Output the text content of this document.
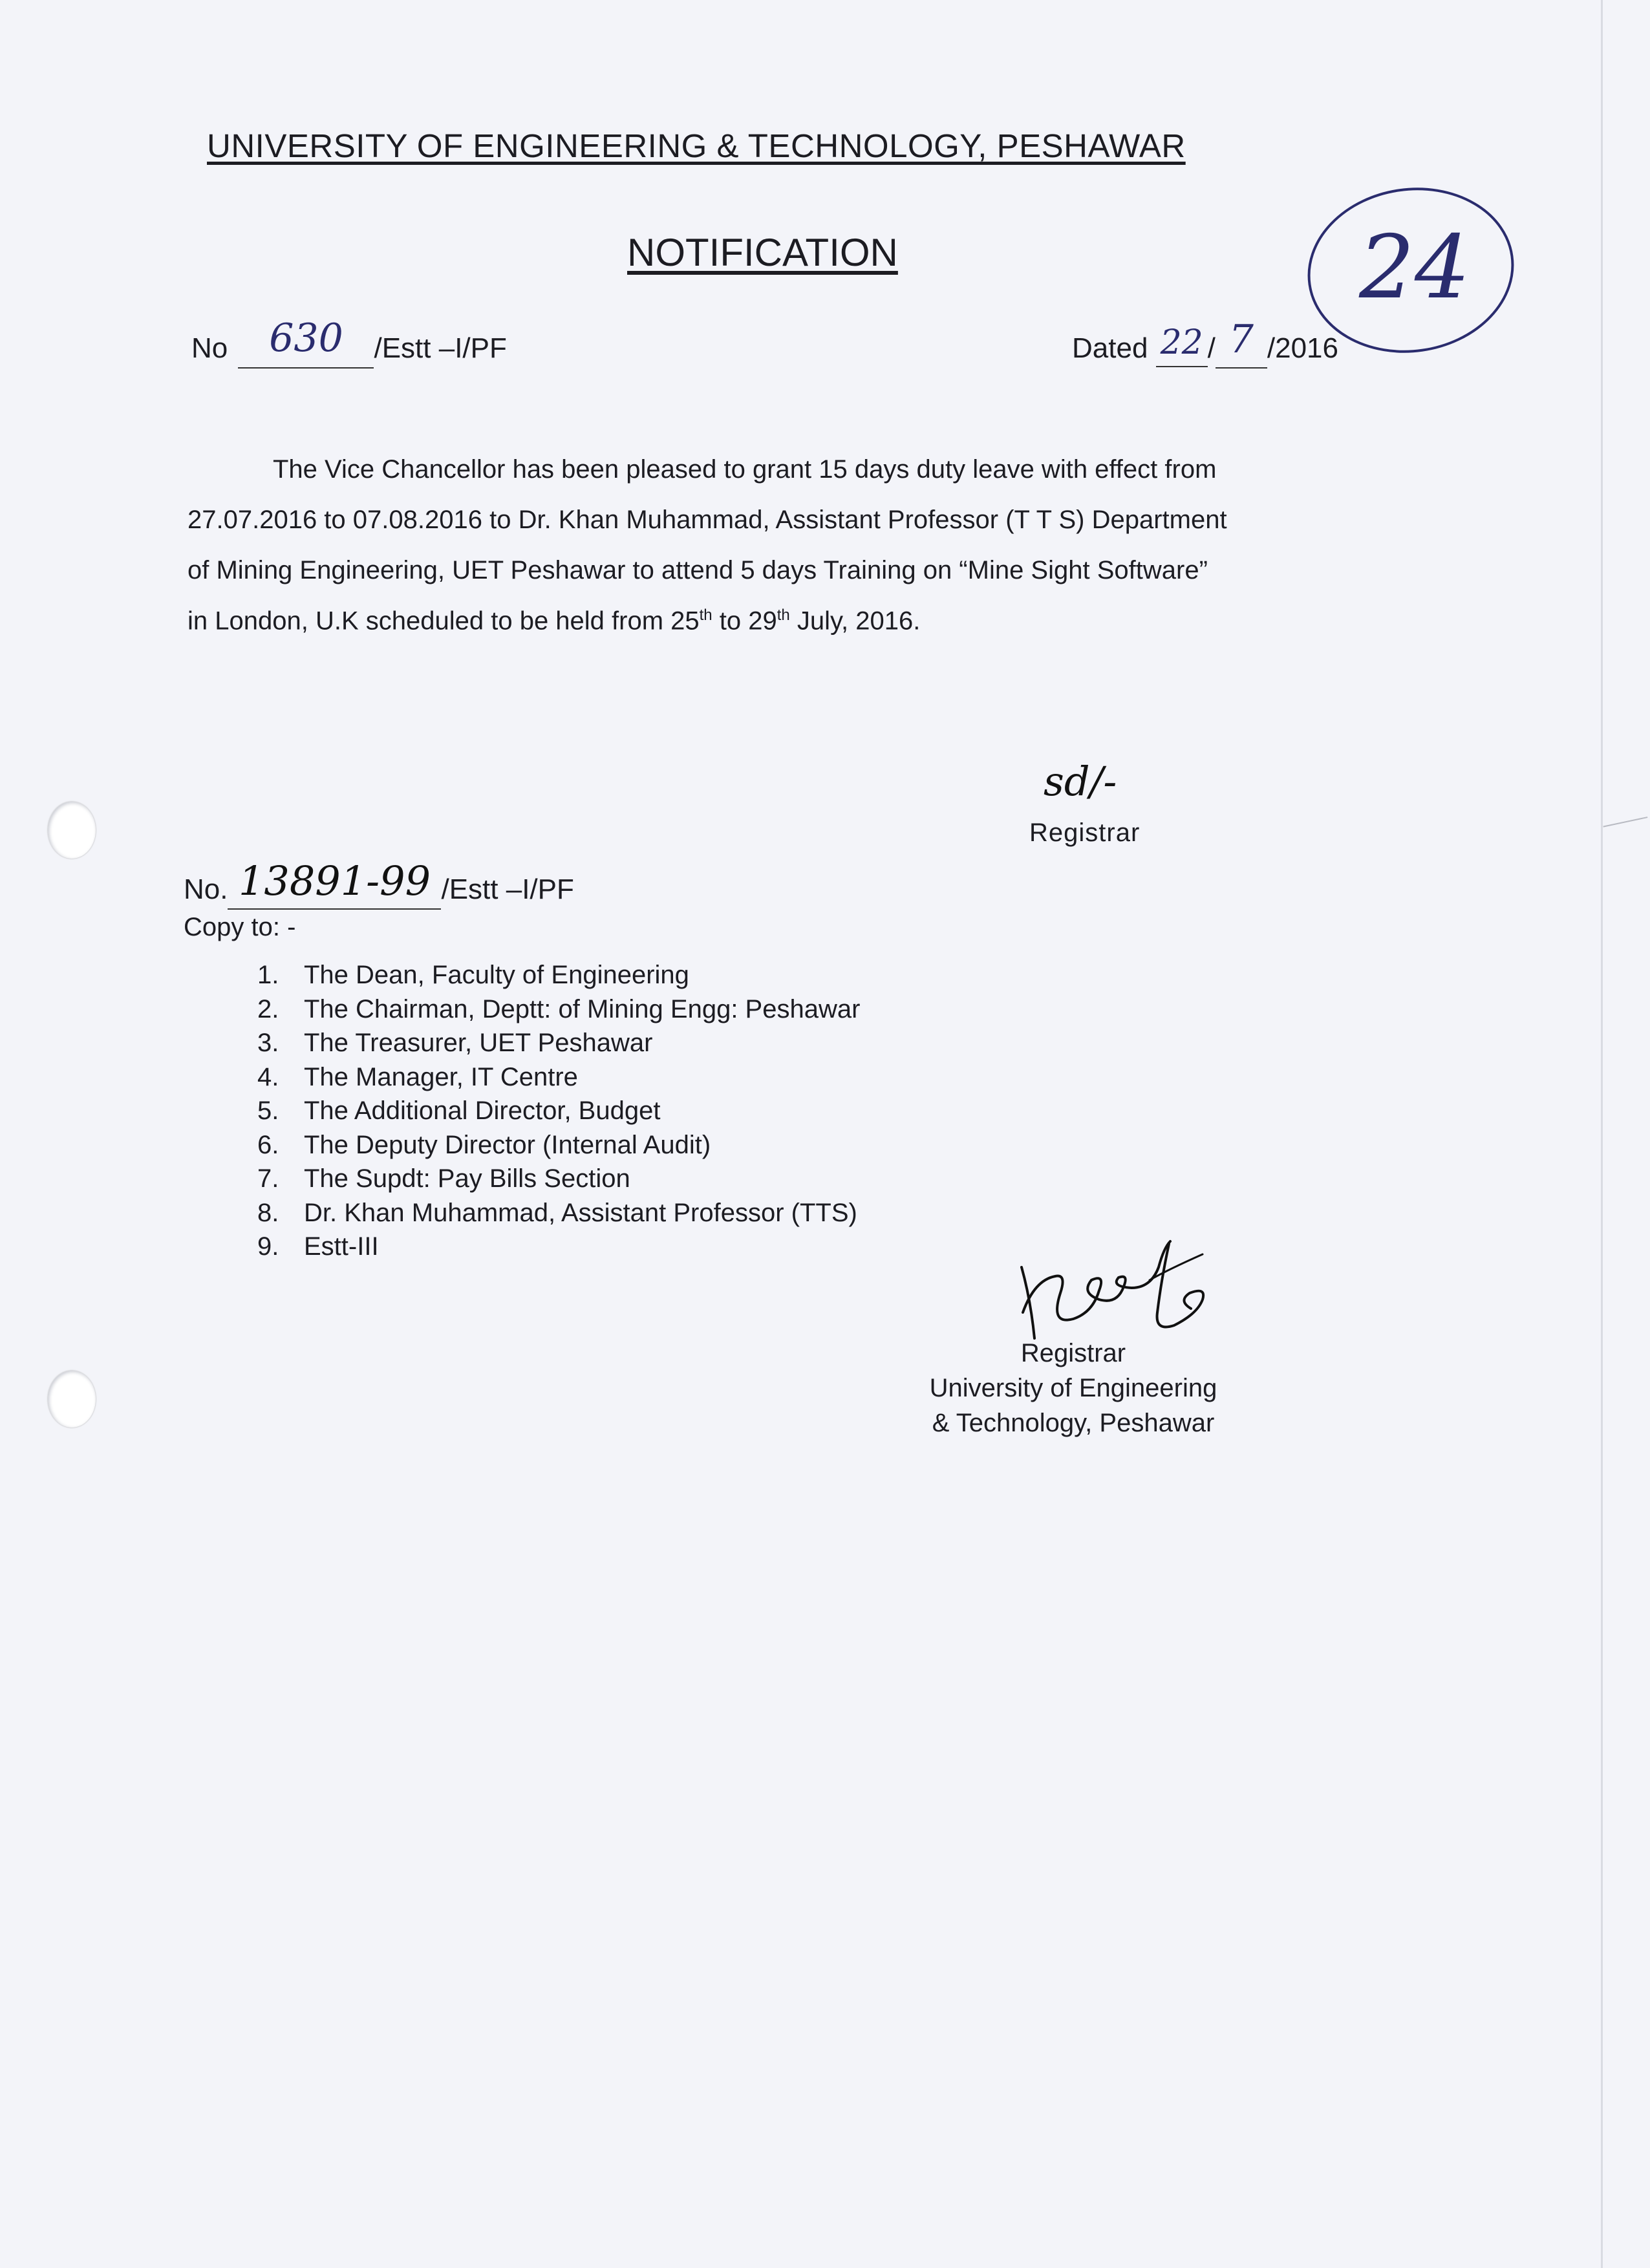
UNIVERSITY OF ENGINEERING & TECHNOLOGY, PESHAWAR
NOTIFICATION	24
No 630 /Estt –I/PF	Dated 22 / 7 /2016
The Vice Chancellor has been pleased to grant 15 days duty leave with effect from
27.07.2016 to 07.08.2016 to Dr. Khan Muhammad, Assistant Professor (T T S) Department
of Mining Engineering, UET Peshawar to attend 5 days Training on “Mine Sight Software”
in London, U.K scheduled to be held from 25th to 29th July, 2016.
sd/-
Registrar
No. 13891-99 /Estt –I/PF
Copy to: -
1. The Dean, Faculty of Engineering
2. The Chairman, Deptt: of Mining Engg: Peshawar
3. The Treasurer, UET Peshawar
4. The Manager, IT Centre
5. The Additional Director, Budget
6. The Deputy Director (Internal Audit)
7. The Supdt: Pay Bills Section
8. Dr. Khan Muhammad, Assistant Professor (TTS)
9. Estt-III
Registrar
University of Engineering
& Technology, Peshawar
